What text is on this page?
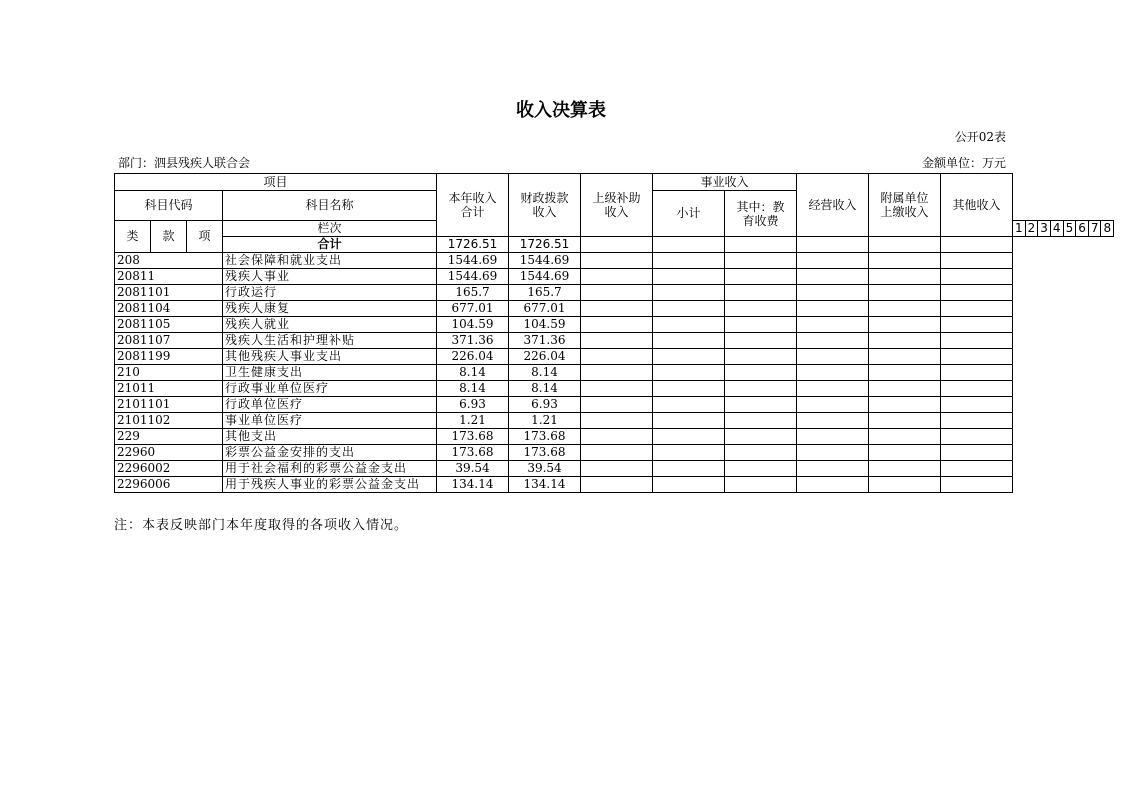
收入决算表
公开02表
部门：泗县残疾人联合会	金额单位：万元
项目				本年收入合计	财政拨款收入	上级补助收入	事业收入		经营收入	附属单位上缴收入	其他收入								
科目代码			科目名称				小计	其中：教育收费											

类	款	项	栏次									1	2	3	4	5	6	7	8
			合计	1726.51	1726.51														
208			社会保障和就业支出	1544.69	1544.69														
20811			残疾人事业	1544.69	1544.69														
2081101			行政运行	165.7	165.7														
2081104			残疾人康复	677.01	677.01														
2081105			残疾人就业	104.59	104.59														
2081107			残疾人生活和护理补贴	371.36	371.36														
2081199			其他残疾人事业支出	226.04	226.04														
210			卫生健康支出	8.14	8.14														
21011			行政事业单位医疗	8.14	8.14														
2101101			行政单位医疗	6.93	6.93														
2101102			事业单位医疗	1.21	1.21														
229			其他支出	173.68	173.68														
22960			彩票公益金安排的支出	173.68	173.68														
2296002			用于社会福利的彩票公益金支出	39.54	39.54														
2296006			用于残疾人事业的彩票公益金支出	134.14	134.14														
注：本表反映部门本年度取得的各项收入情况。
